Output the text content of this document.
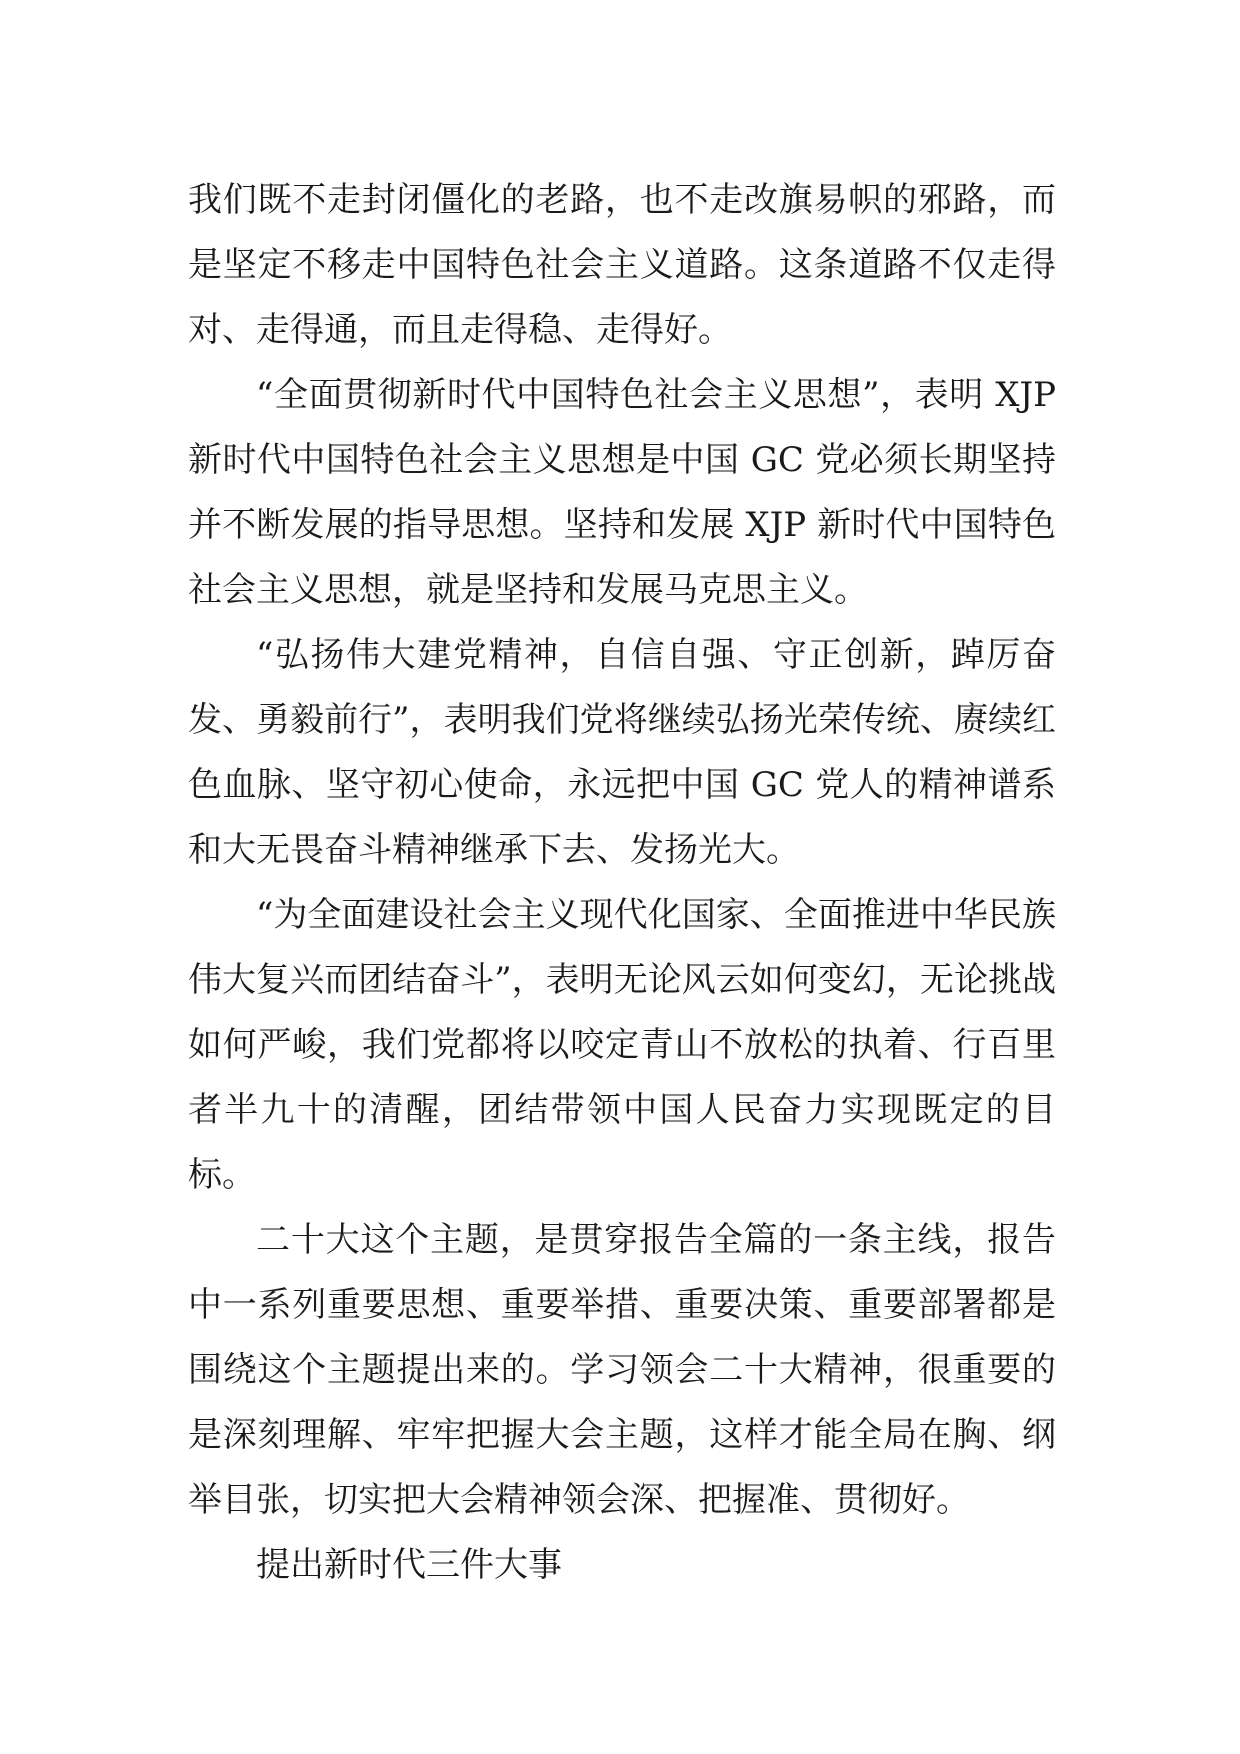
我们既不走封闭僵化的老路，也不走改旗易帜的邪路，而是坚定不移走中国特色社会主义道路。这条道路不仅走得对、走得通，而且走得稳、走得好。

“全面贯彻新时代中国特色社会主义思想”，表明 XJP 新时代中国特色社会主义思想是中国 GC 党必须长期坚持并不断发展的指导思想。坚持和发展 XJP 新时代中国特色社会主义思想，就是坚持和发展马克思主义。

“弘扬伟大建党精神，自信自强、守正创新，踔厉奋发、勇毅前行”，表明我们党将继续弘扬光荣传统、赓续红色血脉、坚守初心使命，永远把中国 GC 党人的精神谱系和大无畏奋斗精神继承下去、发扬光大。

“为全面建设社会主义现代化国家、全面推进中华民族伟大复兴而团结奋斗”，表明无论风云如何变幻，无论挑战如何严峻，我们党都将以咬定青山不放松的执着、行百里者半九十的清醒，团结带领中国人民奋力实现既定的目标。

二十大这个主题，是贯穿报告全篇的一条主线，报告中一系列重要思想、重要举措、重要决策、重要部署都是围绕这个主题提出来的。学习领会二十大精神，很重要的是深刻理解、牢牢把握大会主题，这样才能全局在胸、纲举目张，切实把大会精神领会深、把握准、贯彻好。

提出新时代三件大事
